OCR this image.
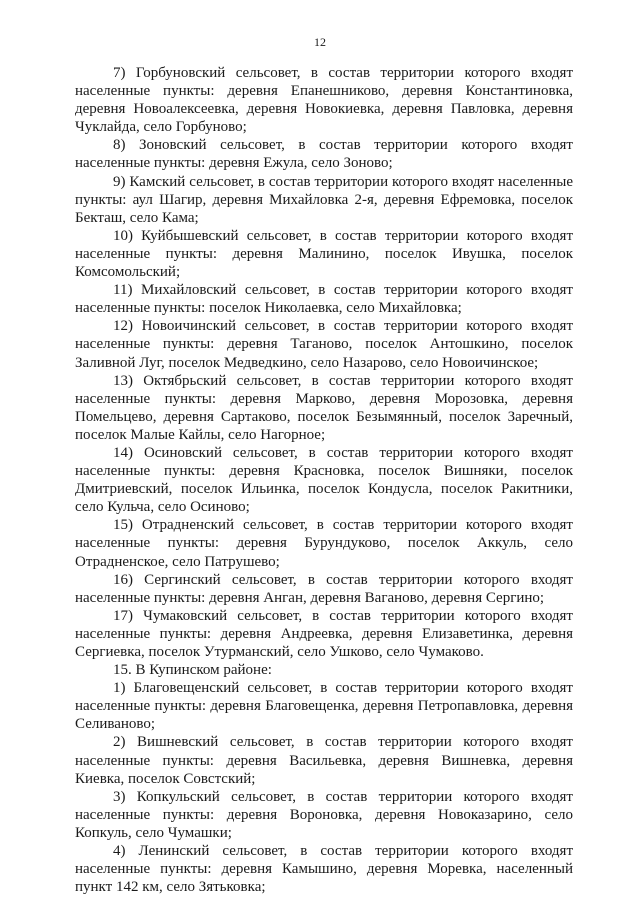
12

7) Горбуновский сельсовет, в состав территории которого входят населенные пункты: деревня Епанешниково, деревня Константиновка, деревня Новоалексеевка, деревня Новокиевка, деревня Павловка, деревня Чуклайда, село Горбуново;

8) Зоновский сельсовет, в состав территории которого входят населенные пункты: деревня Ежула, село Зоново;

9) Камский сельсовет, в состав территории которого входят населенные пункты: аул Шагир, деревня Михайловка 2-я, деревня Ефремовка, поселок Бекташ, село Кама;

10) Куйбышевский сельсовет, в состав территории которого входят населенные пункты: деревня Малинино, поселок Ивушка, поселок Комсомольский;

11) Михайловский сельсовет, в состав территории которого входят населенные пункты: поселок Николаевка, село Михайловка;

12) Новоичинский сельсовет, в состав территории которого входят населенные пункты: деревня Таганово, поселок Антошкино, поселок Заливной Луг, поселок Медведкино, село Назарово, село Новоичинское;

13) Октябрьский сельсовет, в состав территории которого входят населенные пункты: деревня Марково, деревня Морозовка, деревня Помельцево, деревня Сартаково, поселок Безымянный, поселок Заречный, поселок Малые Кайлы, село Нагорное;

14) Осиновский сельсовет, в состав территории которого входят населенные пункты: деревня Красновка, поселок Вишняки, поселок Дмитриевский, поселок Ильинка, поселок Кондусла, поселок Ракитники, село Кульча, село Осиново;

15) Отрадненский сельсовет, в состав территории которого входят населенные пункты: деревня Бурундуково, поселок Аккуль, село Отрадненское, село Патрушево;

16) Сергинский сельсовет, в состав территории которого входят населенные пункты: деревня Анган, деревня Ваганово, деревня Сергино;

17) Чумаковский сельсовет, в состав территории которого входят населенные пункты: деревня Андреевка, деревня Елизаветинка, деревня Сергиевка, поселок Утурманский, село Ушково, село Чумаково.

15. В Купинском районе:

1) Благовещенский сельсовет, в состав территории которого входят населенные пункты: деревня Благовещенка, деревня Петропавловка, деревня Селиваново;

2) Вишневский сельсовет, в состав территории которого входят населенные пункты: деревня Васильевка, деревня Вишневка, деревня Киевка, поселок Совстский;

3) Копкульский сельсовет, в состав территории которого входят населенные пункты: деревня Вороновка, деревня Новоказарино, село Копкуль, село Чумашки;

4) Ленинский сельсовет, в состав территории которого входят населенные пункты: деревня Камышино, деревня Моревка, населенный пункт 142 км, село Зятьковка;
